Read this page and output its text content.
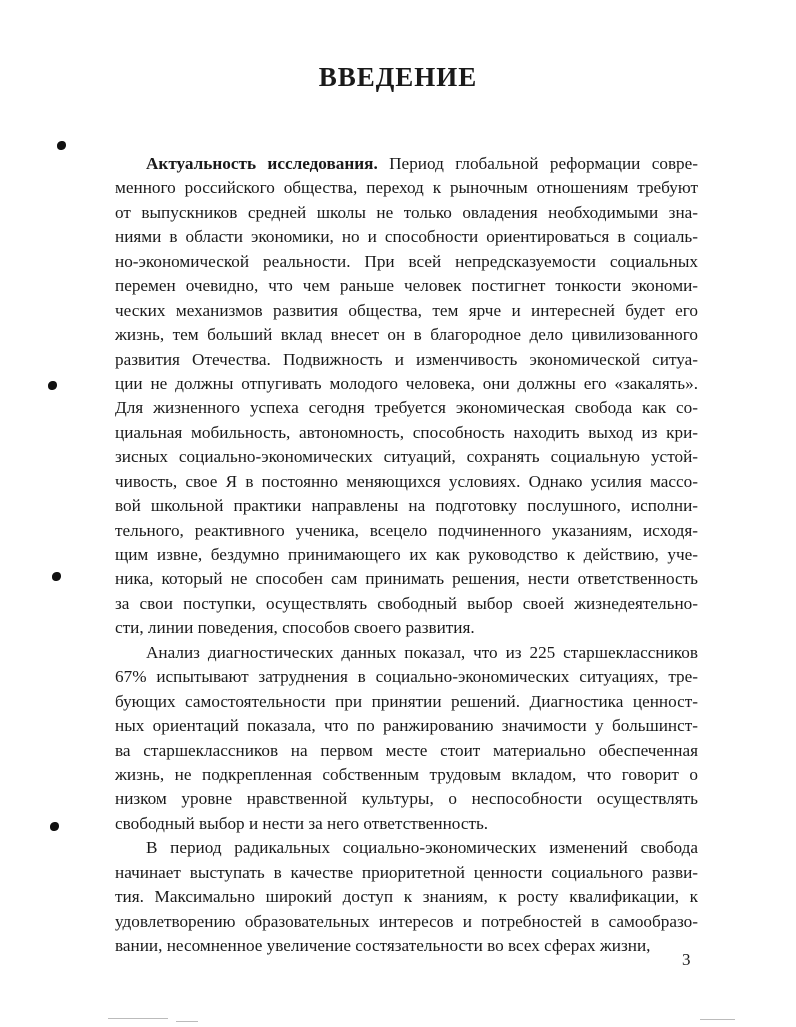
ВВЕДЕНИЕ
Актуальность исследования. Период глобальной реформации совре-
менного российского общества, переход к рыночным отношениям требуют
от выпускников средней школы не только овладения необходимыми зна-
ниями в области экономики, но и способности ориентироваться в социаль-
но-экономической реальности. При всей непредсказуемости социальных
перемен очевидно, что чем раньше человек постигнет тонкости экономи-
ческих механизмов развития общества, тем ярче и интересней будет его
жизнь, тем больший вклад внесет он в благородное дело цивилизованного
развития Отечества. Подвижность и изменчивость экономической ситуа-
ции не должны отпугивать молодого человека, они должны его «закалять».
Для жизненного успеха сегодня требуется экономическая свобода как со-
циальная мобильность, автономность, способность находить выход из кри-
зисных социально-экономических ситуаций, сохранять социальную устой-
чивость, свое Я в постоянно меняющихся условиях. Однако усилия массо-
вой школьной практики направлены на подготовку послушного, исполни-
тельного, реактивного ученика, всецело подчиненного указаниям, исходя-
щим извне, бездумно принимающего их как руководство к действию, уче-
ника, который не способен сам принимать решения, нести ответственность
за свои поступки, осуществлять свободный выбор своей жизнедеятельно-
сти, линии поведения, способов своего развития.
Анализ диагностических данных показал, что из 225 старшеклассников
67% испытывают затруднения в социально-экономических ситуациях, тре-
бующих самостоятельности при принятии решений. Диагностика ценност-
ных ориентаций показала, что по ранжированию значимости у большинст-
ва старшеклассников на первом месте стоит материально обеспеченная
жизнь, не подкрепленная собственным трудовым вкладом, что говорит о
низком уровне нравственной культуры, о неспособности осуществлять
свободный выбор и нести за него ответственность.
В период радикальных социально-экономических изменений свобода
начинает выступать в качестве приоритетной ценности социального разви-
тия. Максимально широкий доступ к знаниям, к росту квалификации, к
удовлетворению образовательных интересов и потребностей в самообразо-
вании, несомненное увеличение состязательности во всех сферах жизни,
3
